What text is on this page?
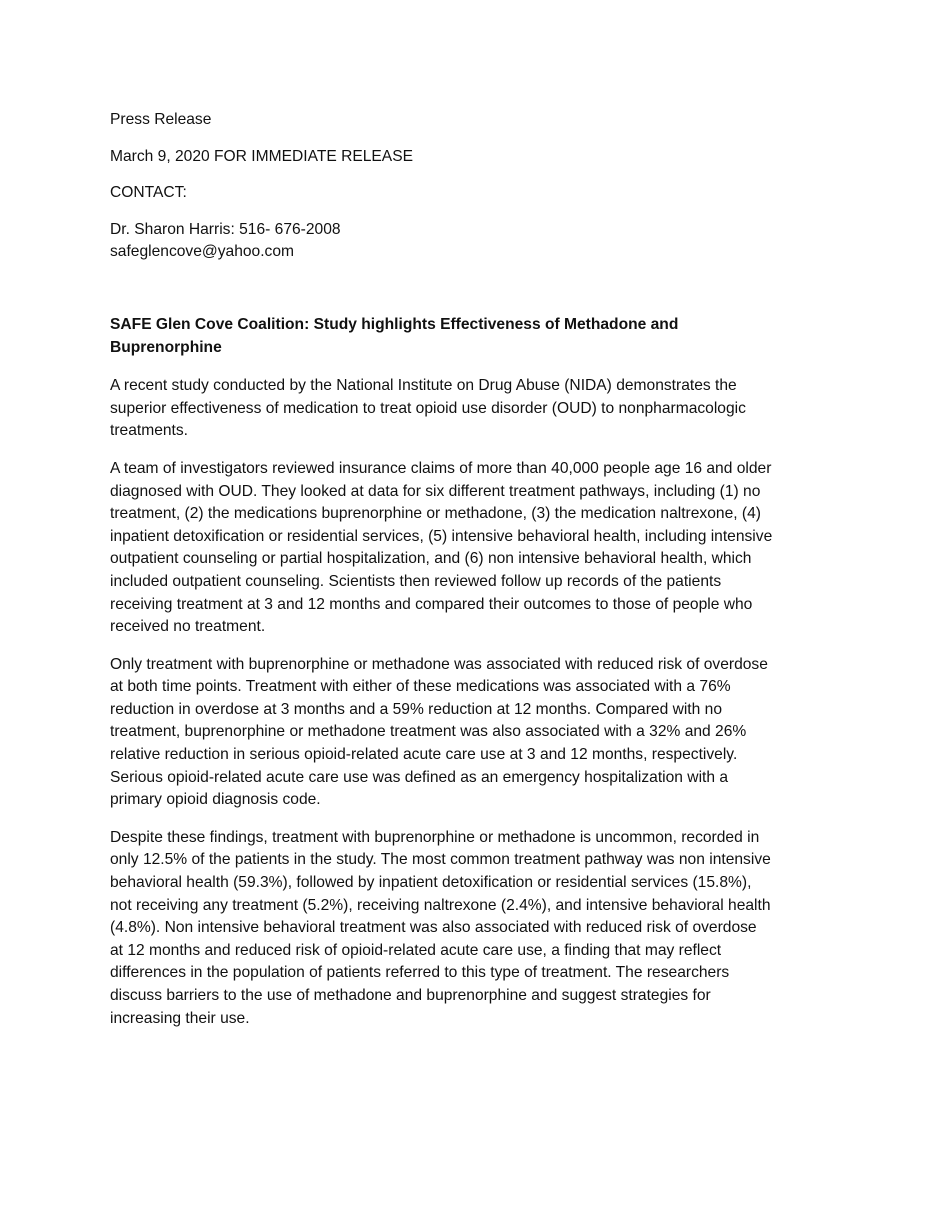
Press Release

March 9, 2020 FOR IMMEDIATE RELEASE

CONTACT:

Dr. Sharon Harris: 516- 676-2008

safeglencove@yahoo.com

SAFE Glen Cove Coalition: Study highlights Effectiveness of Methadone and

Buprenorphine

A recent study conducted by the National Institute on Drug Abuse (NIDA) demonstrates the

superior effectiveness of medication to treat opioid use disorder (OUD) to nonpharmacologic

treatments.

A team of investigators reviewed insurance claims of more than 40,000 people age 16 and older

diagnosed with OUD. They looked at data for six different treatment pathways, including (1) no

treatment, (2) the medications buprenorphine or methadone, (3) the medication naltrexone, (4)

inpatient detoxification or residential services, (5) intensive behavioral health, including intensive

outpatient counseling or partial hospitalization, and (6) non intensive behavioral health, which

included outpatient counseling. Scientists then reviewed follow up records of the patients

receiving treatment at 3 and 12 months and compared their outcomes to those of people who

received no treatment.

Only treatment with buprenorphine or methadone was associated with reduced risk of overdose

at both time points. Treatment with either of these medications was associated with a 76%

reduction in overdose at 3 months and a 59% reduction at 12 months. Compared with no

treatment, buprenorphine or methadone treatment was also associated with a 32% and 26%

relative reduction in serious opioid-related acute care use at 3 and 12 months, respectively.

Serious opioid-related acute care use was defined as an emergency hospitalization with a

primary opioid diagnosis code.

Despite these findings, treatment with buprenorphine or methadone is uncommon, recorded in

only 12.5% of the patients in the study. The most common treatment pathway was non intensive

behavioral health (59.3%), followed by inpatient detoxification or residential services (15.8%),

not receiving any treatment (5.2%), receiving naltrexone (2.4%), and intensive behavioral health

(4.8%). Non intensive behavioral treatment was also associated with reduced risk of overdose

at 12 months and reduced risk of opioid-related acute care use, a finding that may reflect

differences in the population of patients referred to this type of treatment. The researchers

discuss barriers to the use of methadone and buprenorphine and suggest strategies for

increasing their use.
